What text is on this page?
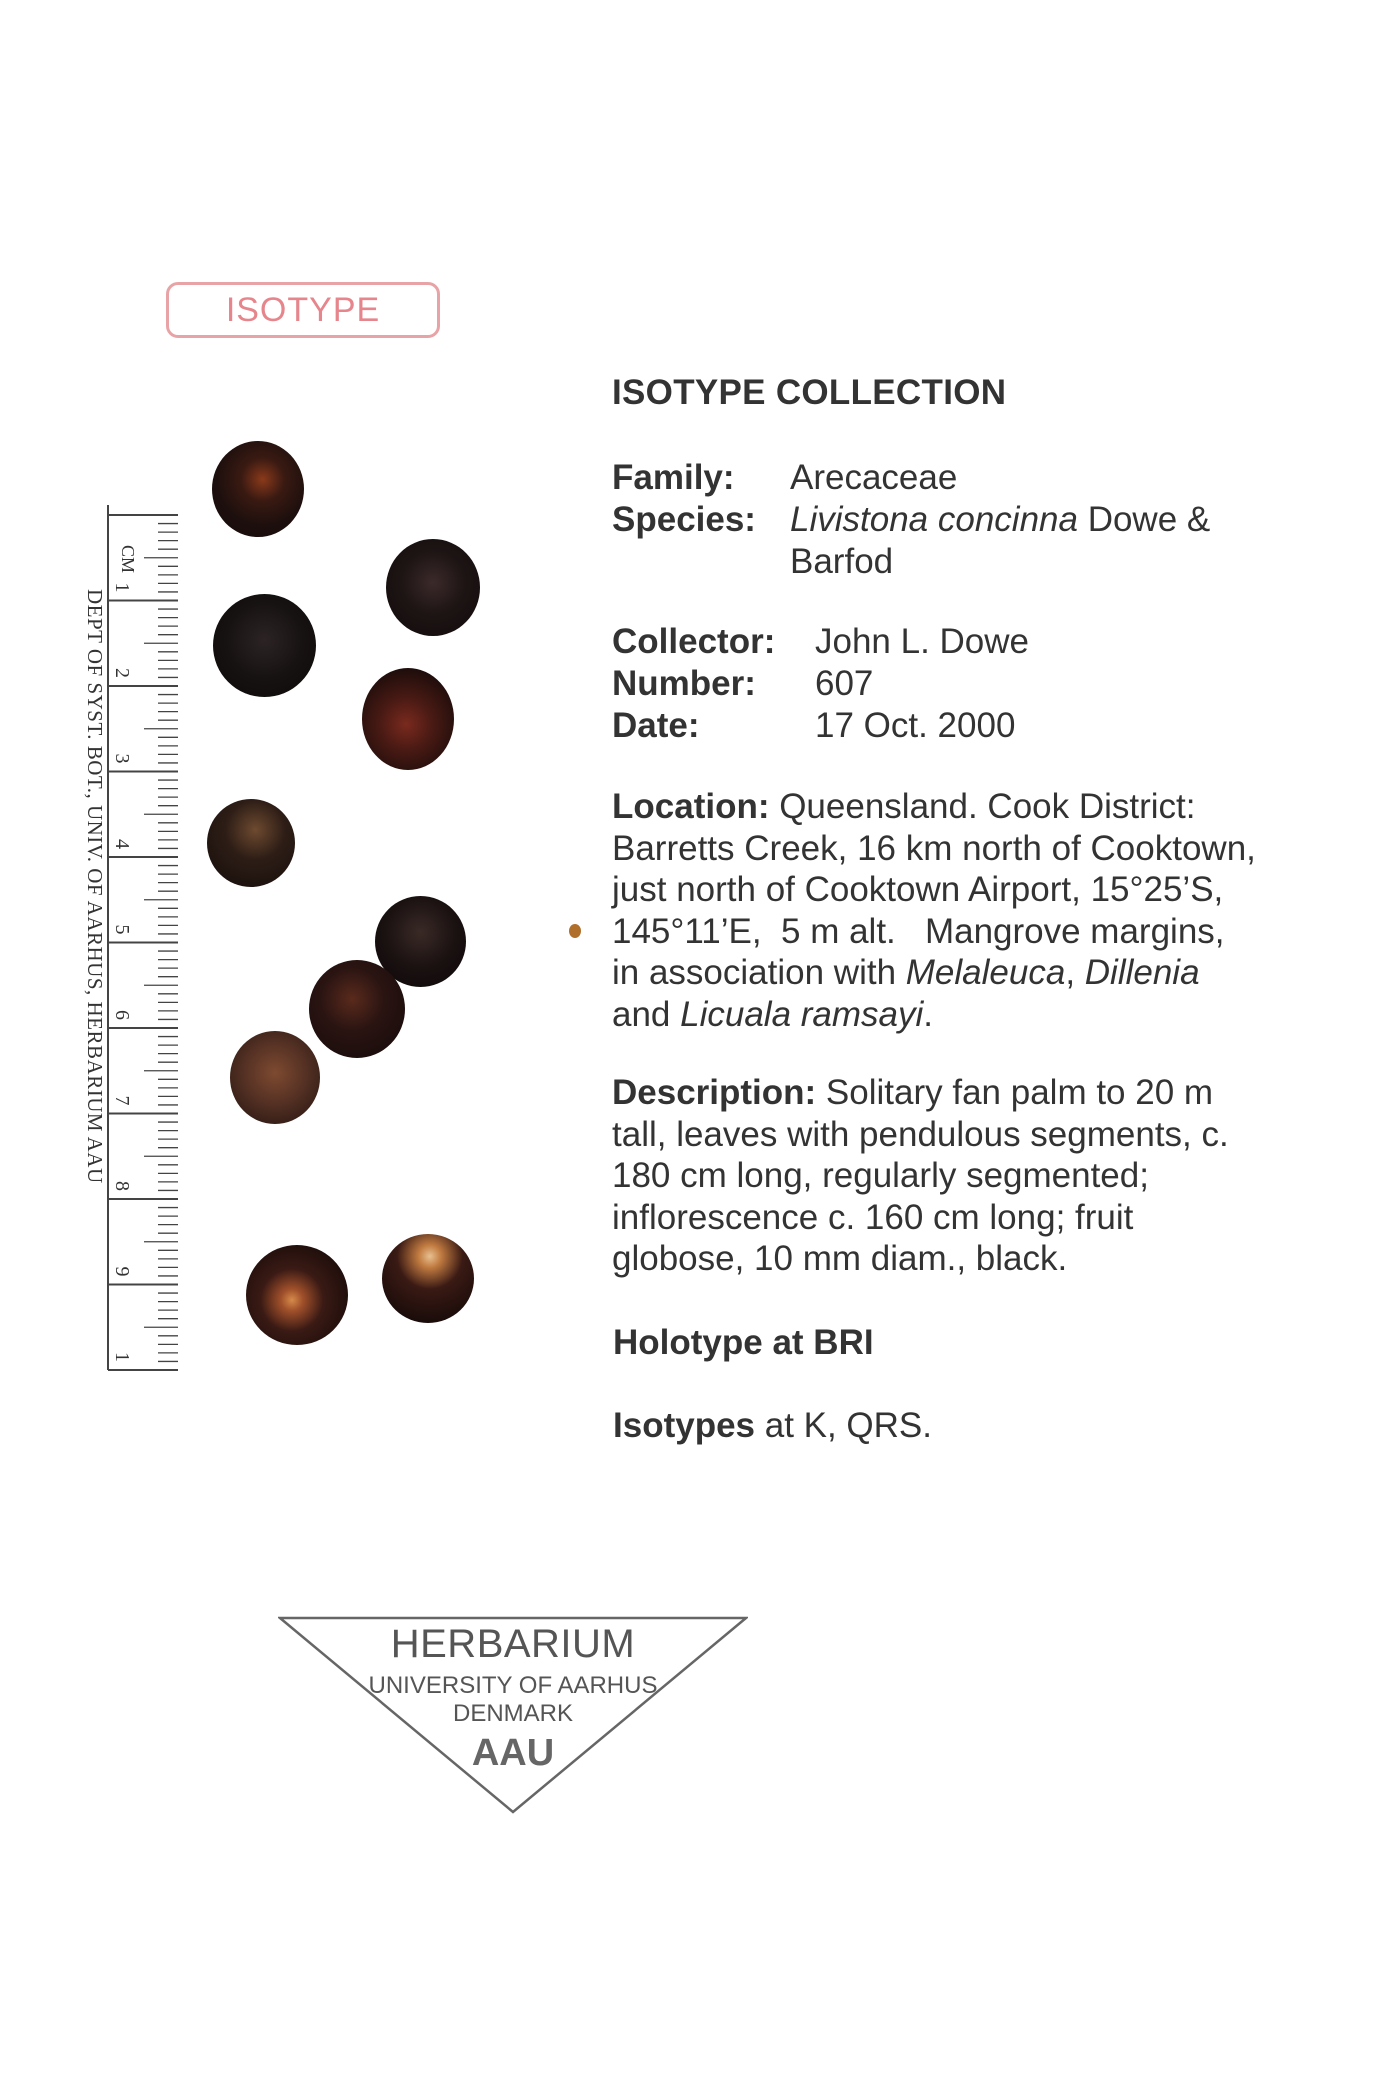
ISOTYPE
CM
1
2
3
4
5
6
7
8
9
1
DEPT OF SYST. BOT., UNIV. OF AARHUS, HERBARIUM AAU
ISOTYPE COLLECTION
Family:	Arecaceae
Species: Livistona concinna Dowe &
Barfod
Collector:	John L. Dowe
Number:	607
Date:	17 Oct. 2000
Location: Queensland. Cook District:
Barretts Creek, 16 km north of Cooktown,
just north of Cooktown Airport, 15°25’S,
145°11’E,  5 m alt.   Mangrove margins,
in association with Melaleuca, Dillenia
and Licuala ramsayi.
Description: Solitary fan palm to 20 m
tall, leaves with pendulous segments, c.
180 cm long, regularly segmented;
inflorescence c. 160 cm long; fruit
globose, 10 mm diam., black.
Holotype at BRI
Isotypes at K, QRS.
HERBARIUM
UNIVERSITY OF AARHUS
DENMARK
AAU
